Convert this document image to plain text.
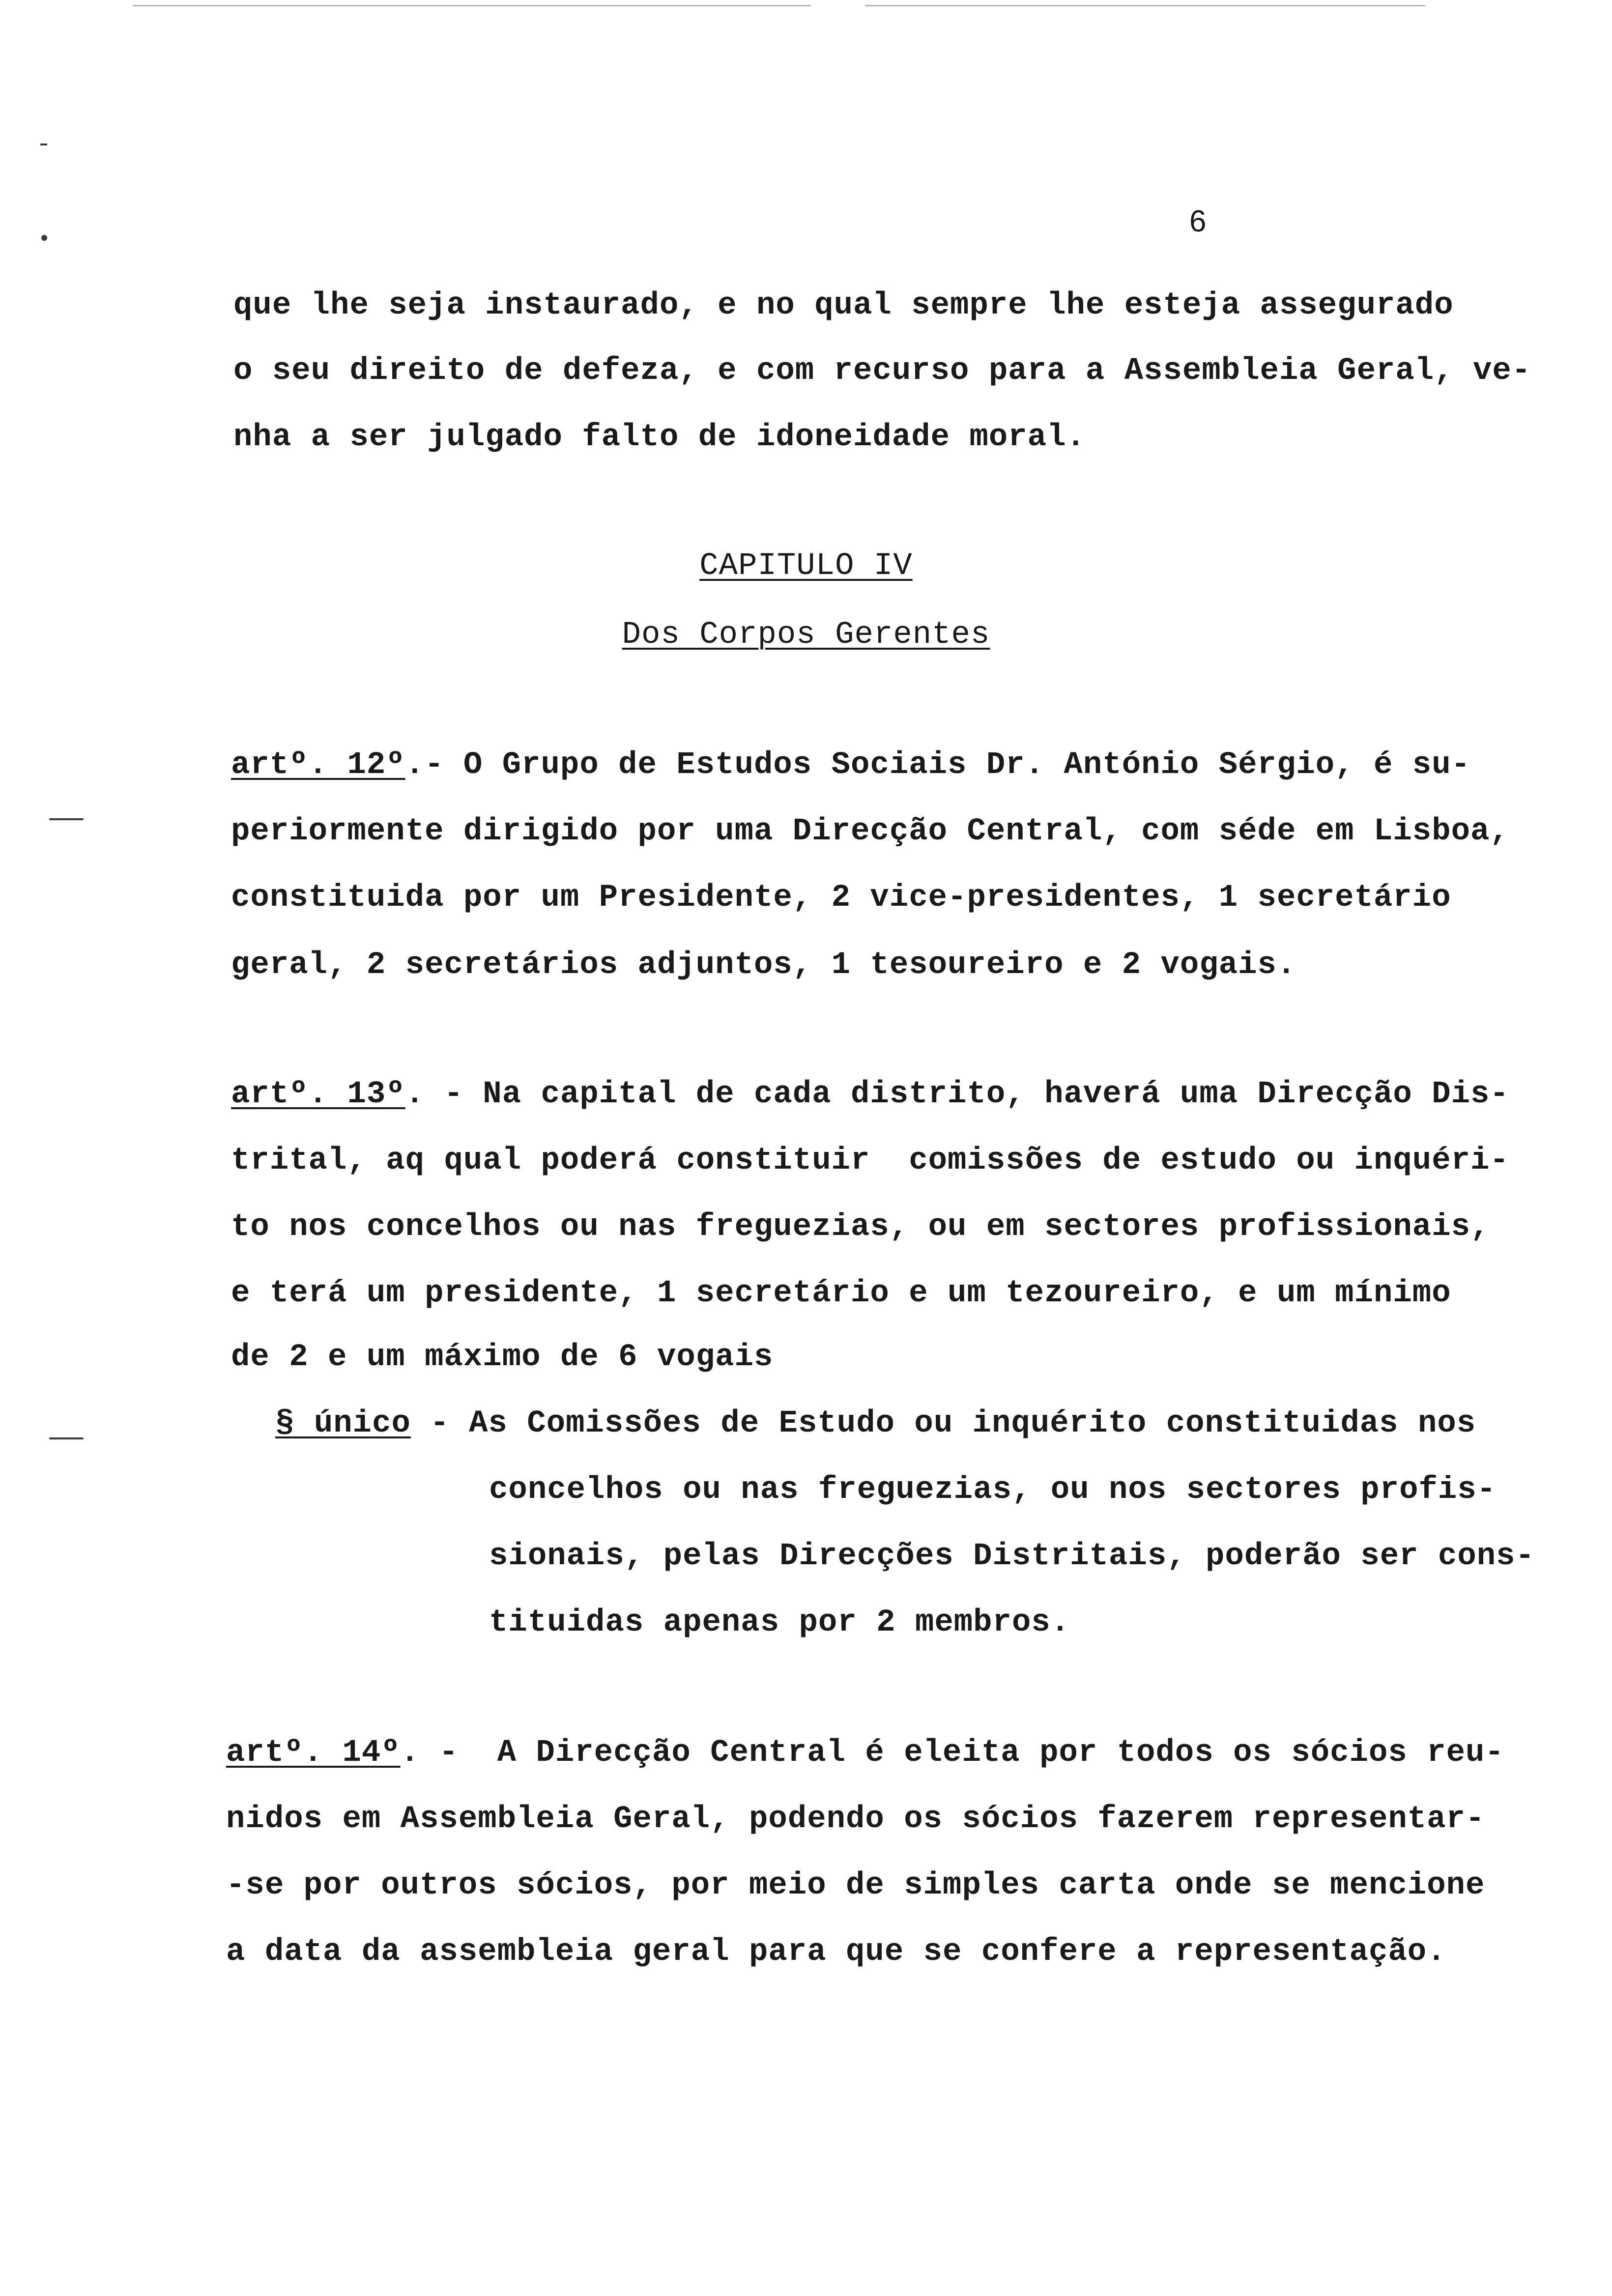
6
que lhe seja instaurado, e no qual sempre lhe esteja assegurado
o seu direito de defeza, e com recurso para a Assembleia Geral, ve-
nha a ser julgado falto de idoneidade moral.
CAPITULO IV
Dos Corpos Gerentes
artº. 12º.- O Grupo de Estudos Sociais Dr. António Sérgio, é su-
periormente dirigido por uma Direcção Central, com séde em Lisboa,
constituida por um Presidente, 2 vice-presidentes, 1 secretário
geral, 2 secretários adjuntos, 1 tesoureiro e 2 vogais.
artº. 13º. - Na capital de cada distrito, haverá uma Direcção Dis-
trital, aq qual poderá constituir  comissões de estudo ou inquéri-
to nos concelhos ou nas freguezias, ou em sectores profissionais,
e terá um presidente, 1 secretário e um tezoureiro, e um mínimo
de 2 e um máximo de 6 vogais
§ único - As Comissões de Estudo ou inquérito constituidas nos
concelhos ou nas freguezias, ou nos sectores profis-
sionais, pelas Direcções Distritais, poderão ser cons-
tituidas apenas por 2 membros.
artº. 14º. -  A Direcção Central é eleita por todos os sócios reu-
nidos em Assembleia Geral, podendo os sócios fazerem representar-
-se por outros sócios, por meio de simples carta onde se mencione
a data da assembleia geral para que se confere a representação.
